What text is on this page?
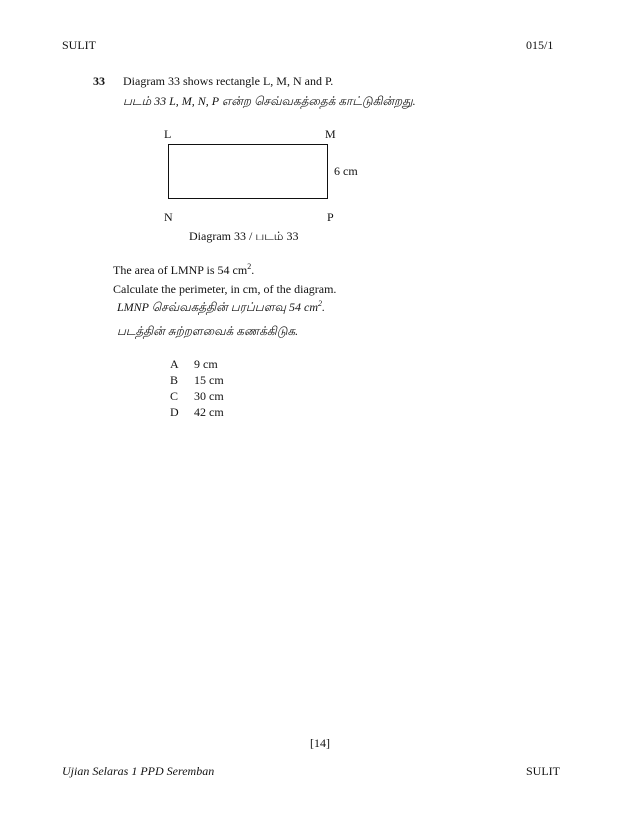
SULIT	015/1
33 Diagram 33 shows rectangle L, M, N and P.
படம் 33 L, M, N, P என்ற செவ்வகத்தைக் காட்டுகின்றது.
L	M
6 cm
N	P
Diagram 33 / படம் 33
The area of LMNP is 54 $cm^2$.
Calculate the perimeter, in cm, of the diagram.
LMNP செவ்வகத்தின் பரப்பளவு 54 $cm^2$.
படத்தின் சுற்றளவைக் கணக்கிடுக.
A	9 cm
B	15 cm
C	30 cm
D	42 cm
[14]
Ujian Selaras 1 PPD Seremban	SULIT
